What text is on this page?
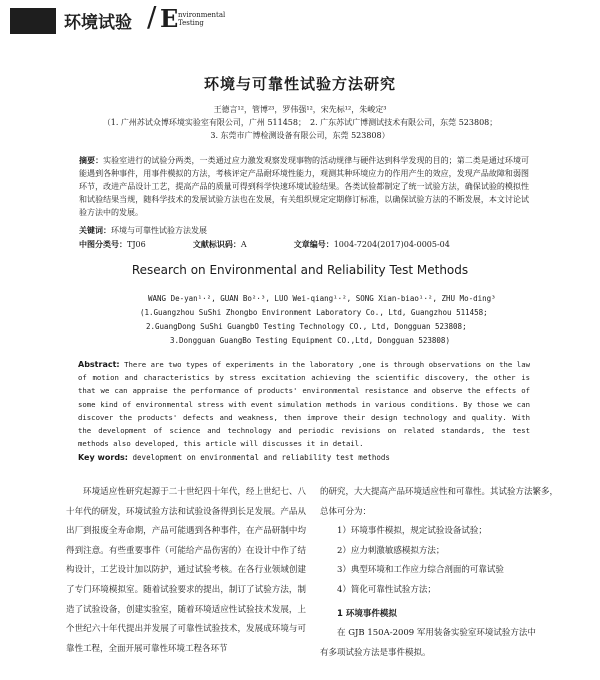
环境试验 / E nvironmental
Testing
环境与可靠性试验方法研究
王德言¹²，管博²³，罗伟强¹²，宋先标¹²，朱峻定³
（1. 广州苏试众博环境实验室有限公司，广州 511458；　2. 广东苏试广博测试技术有限公司，东莞 523808；
3. 东莞市广博检测设备有限公司，东莞 523808）
摘要：实验室进行的试验分两类，一类通过应力激发观察发现事物的活动规律与硬件达到科学发现的目的；第二类是通过环境可能遇到各种事件，用事件模拟的方法，考核评定产品耐环境性能力，观测其种环境应力的作用产生的效应，发现产品故障和弱图环节，改进产品设计工艺，提高产品的质量可得到科学快速环境试验结果。各类试验都制定了统一试验方法，确保试验的模拟性和试验结果当规，随科学技术的发展试验方法也在发展，有关组织规定定期修订标准，以确保试验方法的不断发展，本文讨论试验方法中的发展。
关键词：环境与可靠性试验方法发展
中图分类号：TJ06	文献标识码：A	文章编号：1004-7204(2017)04-0005-04
Research on Environmental and Reliability Test Methods
WANG De-yan¹·², GUAN Bo²·³, LUO Wei-qiang¹·², SONG Xian-biao¹·², ZHU Mo-ding³
(1.Guangzhou SuShi Zhongbo Environment Laboratory Co., Ltd, Guangzhou 511458;
2.GuangDong SuShi GuangbO Testing Technology CO., Ltd, Dongguan 523808;
3.Dongguan GuangBo Testing Equipment CO.,Ltd, Dongguan 523808)
Abstract: There are two types of experiments in the laboratory ,one is through observations on the law of motion and characteristics by stress excitation achieving the scientific discovery, the other is that we can appraise the performance of products' environmental resistance and observe the effects of some kind of environmental stress with event simulation methods in various conditions. By those we can discover the products' defects and weakness, then improve their design technology and quality. With the development of science and technology and periodic revisions on related standards, the test methods also developed, this article will discusses it in detail.
Key words: development on environmental and reliability test methods
环境适应性研究起源于二十世纪四十年代，经上世纪七、八十年代的研发，环境试验方法和试验设备得到长足发展。产品从出厂到报废全寿命期，产品可能遇到各种事件，在产品研制中均得到注意。有些重要事件（可能给产品伤害的）在设计中作了结构设计，工艺设计加以防护，通过试验考核。在各行业领域创建了专门环境模拟室。随着试验要求的提出，制订了试验方法，制造了试验设备，创建实验室，随着环境适应性试验技术发展，上个世纪六十年代提出并发展了可靠性试验技术，发展成环境与可靠性工程，全面开展可靠性环境工程各环节
的研究，大大提高产品环境适应性和可靠性。其试验方法繁多，总体可分为：
1）环境事件模拟，规定试验设备试验；
2）应力刺激敏感模拟方法；
3）典型环境和工作应力综合剖面的可靠试验
4）简化可靠性试验方法；
1 环境事件模拟
在 GJB 150A-2009 军用装备实验室环境试验方法中
有多项试验方法是事件模拟。
